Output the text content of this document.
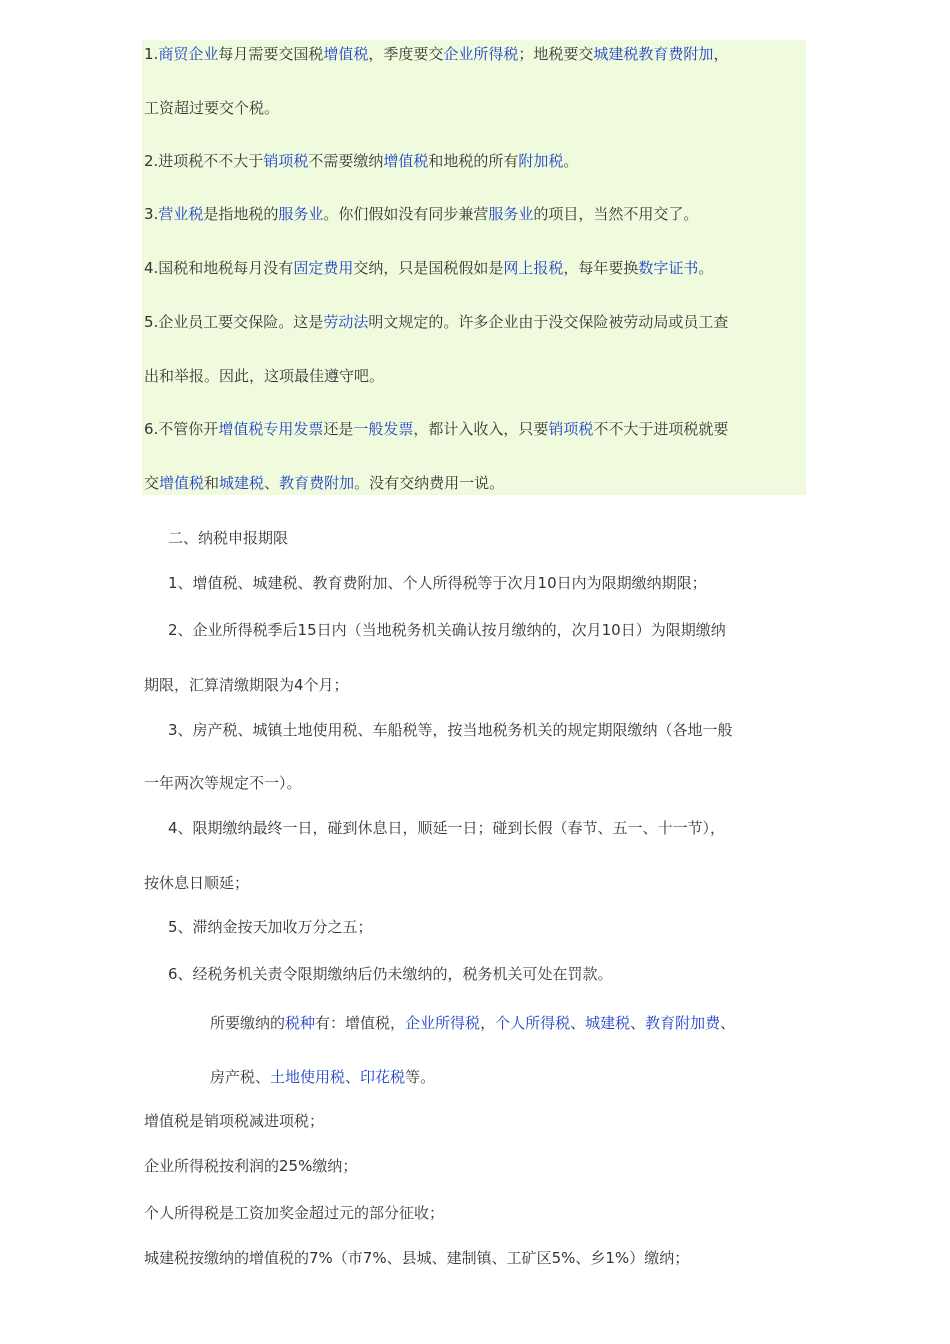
1.商贸企业每月需要交国税增值税，季度要交企业所得税；地税要交城建税教育费附加，
工资超过要交个税。
2.进项税不不大于销项税不需要缴纳增值税和地税的所有附加税。
3.营业税是指地税的服务业。你们假如没有同步兼营服务业的项目，当然不用交了。
4.国税和地税每月没有固定费用交纳，只是国税假如是网上报税，每年要换数字证书。
5.企业员工要交保险。这是劳动法明文规定的。许多企业由于没交保险被劳动局或员工查
出和举报。因此，这项最佳遵守吧。
6.不管你开增值税专用发票还是一般发票，都计入收入，只要销项税不不大于进项税就要
交增值税和城建税、教育费附加。没有交纳费用一说。
二、纳税申报期限
1、增值税、城建税、教育费附加、个人所得税等于次月10日内为限期缴纳期限；
2、企业所得税季后15日内（当地税务机关确认按月缴纳的，次月10日）为限期缴纳
期限，汇算清缴期限为4个月；
3、房产税、城镇土地使用税、车船税等，按当地税务机关的规定期限缴纳（各地一般
一年两次等规定不一）。
4、限期缴纳最终一日，碰到休息日，顺延一日；碰到长假（春节、五一、十一节），
按休息日顺延；
5、滞纳金按天加收万分之五；
6、经税务机关责令限期缴纳后仍未缴纳的，税务机关可处在罚款。
所要缴纳的税种有：增值税，企业所得税，个人所得税、城建税、教育附加费、
房产税、土地使用税、印花税等。
增值税是销项税减进项税；
企业所得税按利润的25%缴纳；
个人所得税是工资加奖金超过元的部分征收；
城建税按缴纳的增值税的7%（市7%、县城、建制镇、工矿区5%、乡1%）缴纳；
